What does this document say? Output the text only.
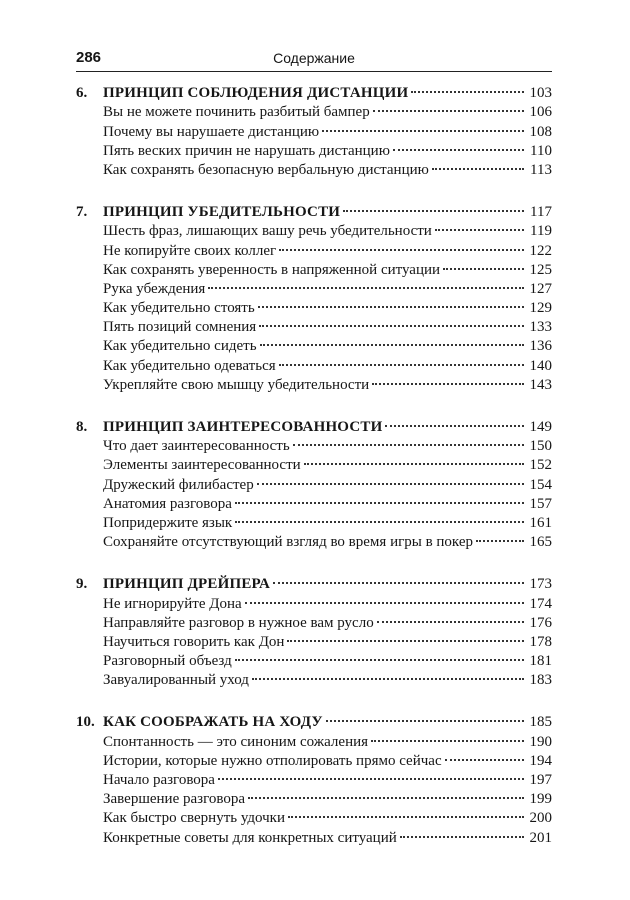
286	Содержание
6.	ПРИНЦИП СОБЛЮДЕНИЯ ДИСТАНЦИИ	103
Вы не можете починить разбитый бампер	106
Почему вы нарушаете дистанцию	108
Пять веских причин не нарушать дистанцию	110
Как сохранять безопасную вербальную дистанцию	113
7.	ПРИНЦИП УБЕДИТЕЛЬНОСТИ	117
Шесть фраз, лишающих вашу речь убедительности	119
Не копируйте своих коллег	122
Как сохранять уверенность в напряженной ситуации	125
Рука убеждения	127
Как убедительно стоять	129
Пять позиций сомнения	133
Как убедительно сидеть	136
Как убедительно одеваться	140
Укрепляйте свою мышцу убедительности	143
8.	ПРИНЦИП ЗАИНТЕРЕСОВАННОСТИ	149
Что дает заинтересованность	150
Элементы заинтересованности	152
Дружеский филибастер	154
Анатомия разговора	157
Попридержите язык	161
Сохраняйте отсутствующий взгляд во время игры в покер	165
9.	ПРИНЦИП ДРЕЙПЕРА	173
Не игнорируйте Дона	174
Направляйте разговор в нужное вам русло	176
Научиться говорить как Дон	178
Разговорный объезд	181
Завуалированный уход	183
10. КАК СООБРАЖАТЬ НА ХОДУ	185
Спонтанность — это синоним сожаления	190
Истории, которые нужно отполировать прямо сейчас	194
Начало разговора	197
Завершение разговора	199
Как быстро свернуть удочки	200
Конкретные советы для конкретных ситуаций	201
